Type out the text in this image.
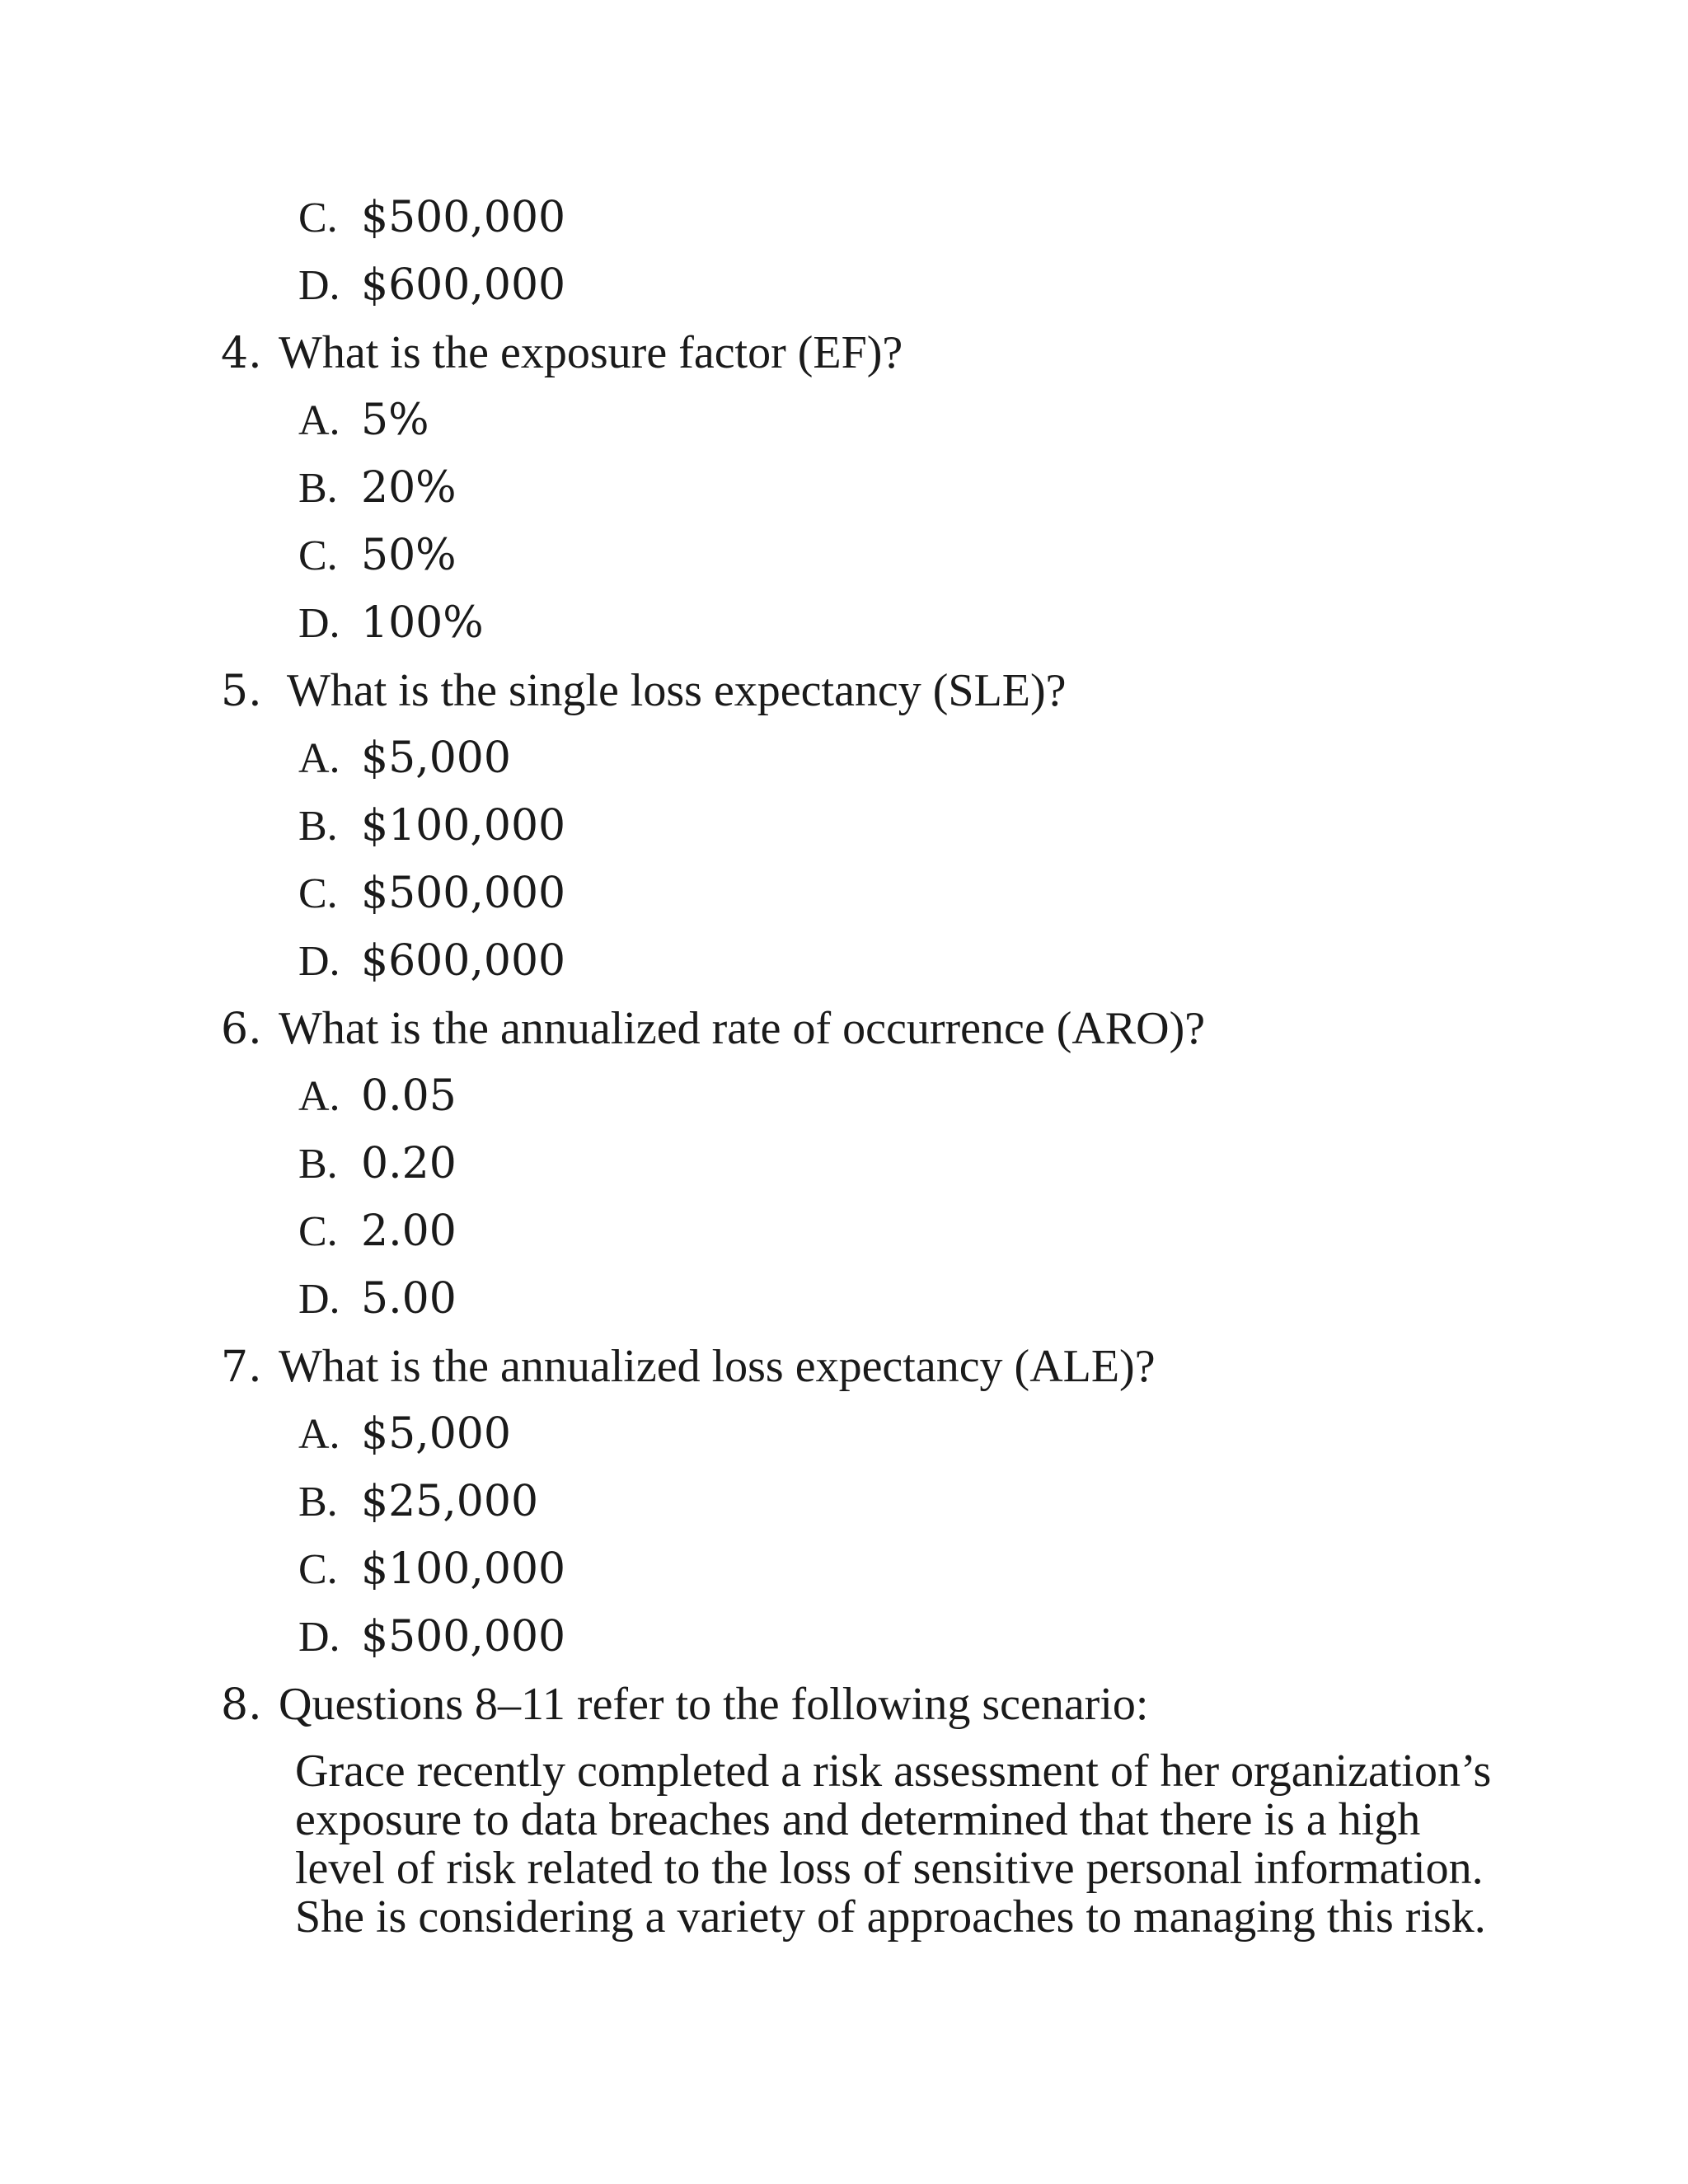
C. $500,000
D. $600,000
4. What is the exposure factor (EF)?
A. 5%
B. 20%
C. 50%
D. 100%
5. What is the single loss expectancy (SLE)?
A. $5,000
B. $100,000
C. $500,000
D. $600,000
6. What is the annualized rate of occurrence (ARO)?
A. 0.05
B. 0.20
C. 2.00
D. 5.00
7. What is the annualized loss expectancy (ALE)?
A. $5,000
B. $25,000
C. $100,000
D. $500,000
8. Questions 8–11 refer to the following scenario:
Grace recently completed a risk assessment of her organization’s
exposure to data breaches and determined that there is a high
level of risk related to the loss of sensitive personal information.
She is considering a variety of approaches to managing this risk.
